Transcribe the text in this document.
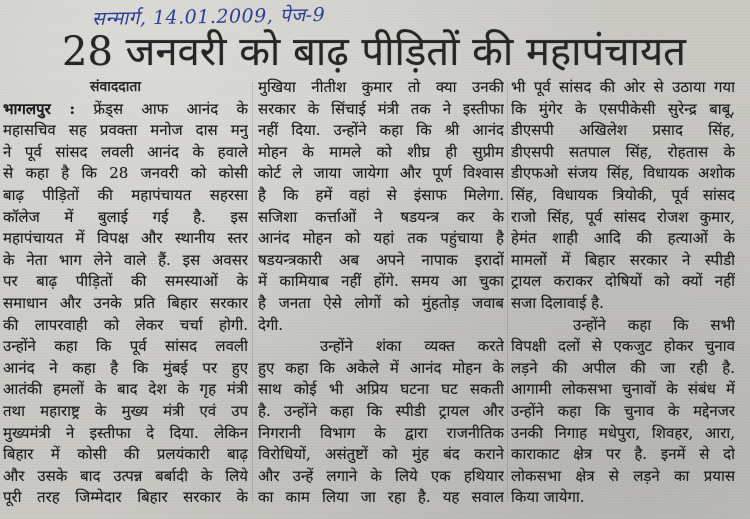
सन्मार्ग, 14.01.2009, पेज-9
28 जनवरी को बाढ़ पीड़ितों की महापंचायत
संवाददाता
भागलपुर : फ्रेंड्स आफ आनंद के
महासचिव सह प्रवक्ता मनोज दास मनु
ने पूर्व सांसद लवली आनंद के हवाले
से कहा है कि 28 जनवरी को कोसी
बाढ़ पीड़ितों की महापंचायत सहरसा
कॉलेज में बुलाई गई है. इस
महापंचायत में विपक्ष और स्थानीय स्तर
के नेता भाग लेने वाले हैं. इस अवसर
पर बाढ़ पीड़ितों की समस्याओं के
समाधान और उनके प्रति बिहार सरकार
की लापरवाही को लेकर चर्चा होगी.
उन्होंने कहा कि पूर्व सांसद लवली
आनंद ने कहा है कि मुंबई पर हुए
आतंकी हमलों के बाद देश के गृह मंत्री
तथा महाराष्ट्र के मुख्य मंत्री एवं उप
मुख्यमंत्री ने इस्तीफा दे दिया. लेकिन
बिहार में कोसी की प्रलयंकारी बाढ़
और उसके बाद उत्पन्न बर्बादी के लिये
पूरी तरह जिम्मेदार बिहार सरकार के
मुखिया नीतीश कुमार तो क्या उनकी
सरकार के सिंचाई मंत्री तक ने इस्तीफा
नहीं दिया. उन्होंने कहा कि श्री आनंद
मोहन के मामले को शीघ्र ही सुप्रीम
कोर्ट ले जाया जायेगा और पूर्ण विश्वास
है कि हमें वहां से इंसाफ मिलेगा.
सजिशा कर्त्ताओं ने षडयन्त्र कर के
आनंद मोहन को यहां तक पहुंचाया है
षडयन्त्रकारी अब अपने नापाक इरादों
में कामियाब नहीं होंगे. समय आ चुका
है जनता ऐसे लोगों को मुंहतोड़ जवाब
देगी.
उन्होंने शंका व्यक्त करते
हुए कहा कि अकेले में आनंद मोहन के
साथ कोई भी अप्रिय घटना घट सकती
है. उन्होंने कहा कि स्पीडी ट्रायल और
निगरानी विभाग के द्वारा राजनीतिक
विरोधियों, असंतुष्टों को मुंह बंद कराने
और उन्हें लगाने के लिये एक हथियार
का काम लिया जा रहा है. यह सवाल
भी पूर्व सांसद की ओर से उठाया गया
कि मुंगेर के एसपीकेसी सुरेन्द्र बाबू,
डीएसपी अखिलेश प्रसाद सिंह,
डीएसपी सतपाल सिंह, रोहतास के
डीएफओ संजय सिंह, विधायक अशोक
सिंह, विधायक त्रियोकी, पूर्व सांसद
राजो सिंह, पूर्व सांसद रोजश कुमार,
हेमंत शाही आदि की हत्याओं के
मामलों में बिहार सरकार ने स्पीडी
ट्रायल कराकर दोषियों को क्यों नहीं
सजा दिलावाई है.
उन्होंने कहा कि सभी
विपक्षी दलों से एकजुट होकर चुनाव
लड़ने की अपील की जा रही है.
आगामी लोकसभा चुनावों के संबंध में
उन्होंने कहा कि चुनाव के मद्देनजर
उनकी निगाह मधेपुरा, शिवहर, आरा,
काराकाट क्षेत्र पर है. इनमें से दो
लोकसभा क्षेत्र से लड़ने का प्रयास
किया जायेगा.
